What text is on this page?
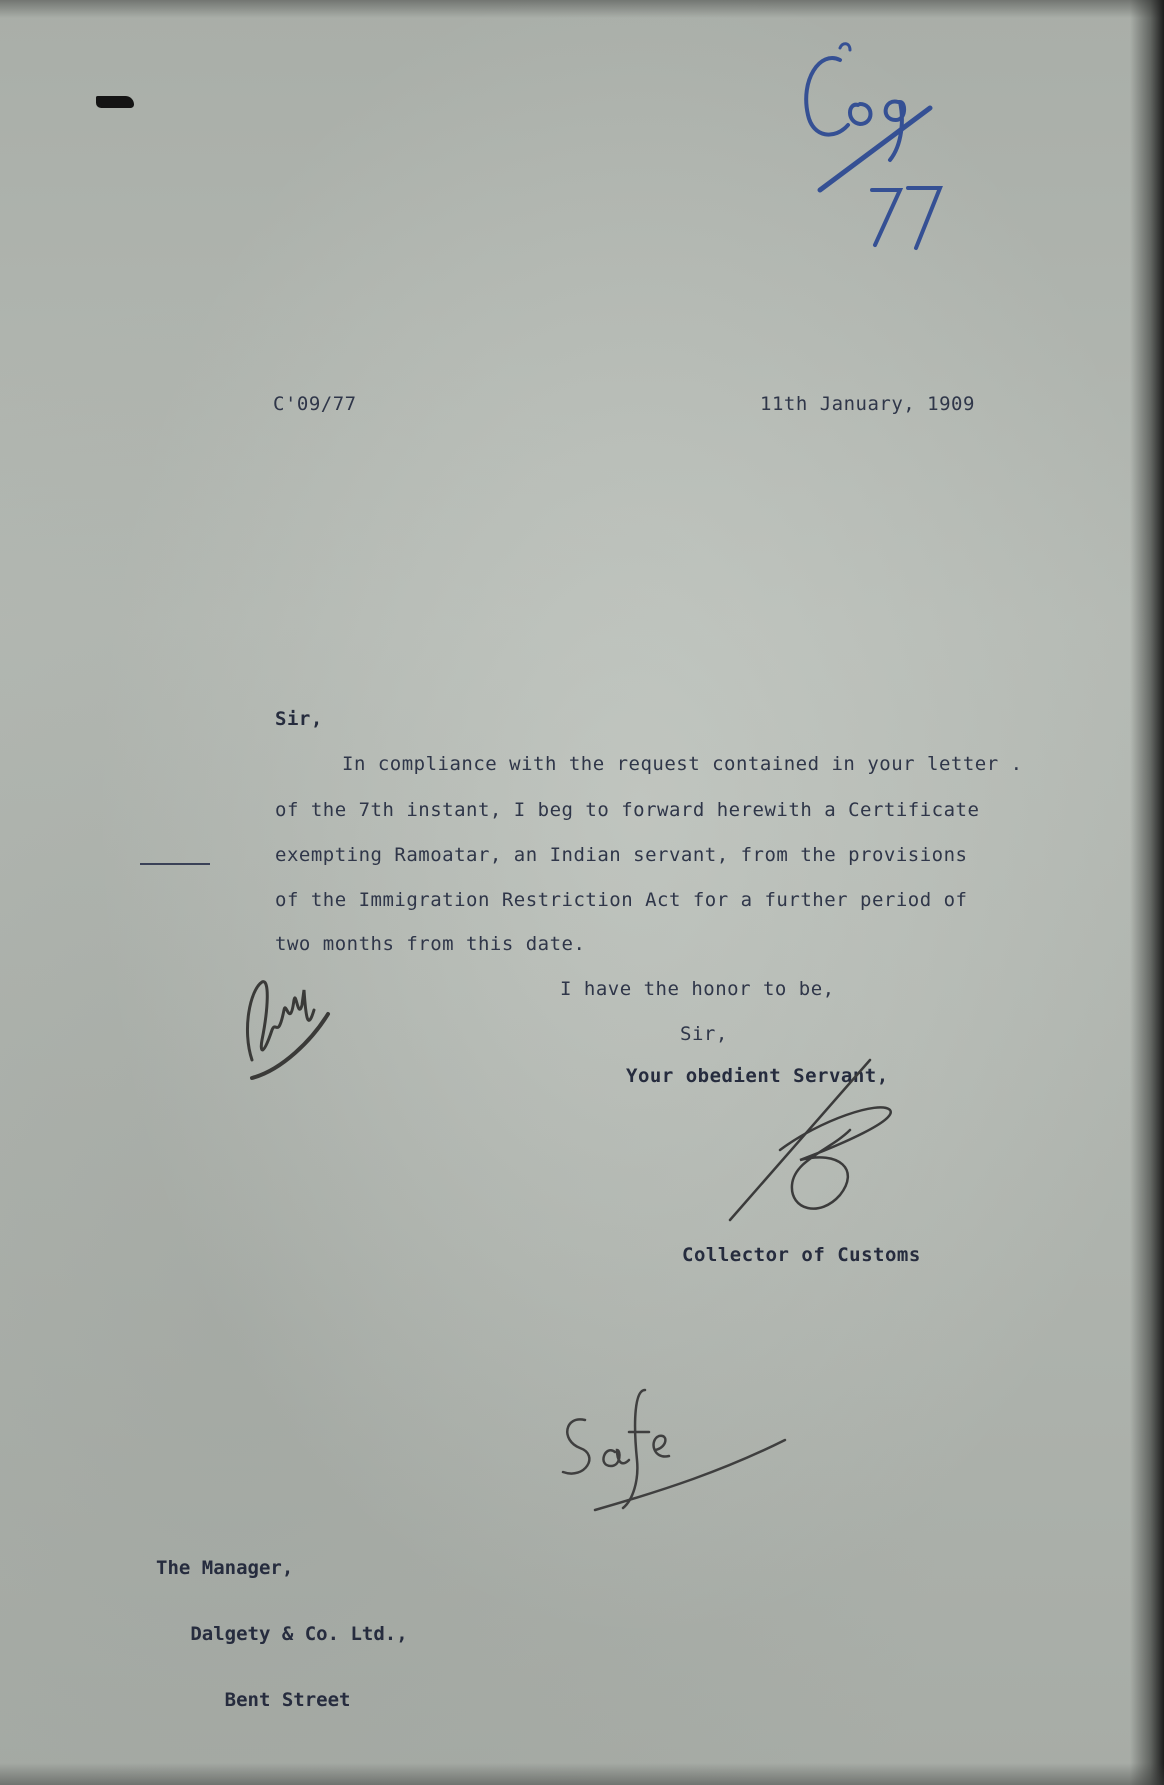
C'09/77	11th January, 1909

Sir,

In compliance with the request contained in your letter .

of the 7th instant, I beg to forward herewith a Certificate

exempting Ramoatar, an Indian servant, from the provisions

of the Immigration Restriction Act for a further period of

two months from this date.

I have the honor to be,

Sir,

Your obedient Servant,

Collector of Customs

The Manager,

Dalgety & Co. Ltd.,

Bent Street
